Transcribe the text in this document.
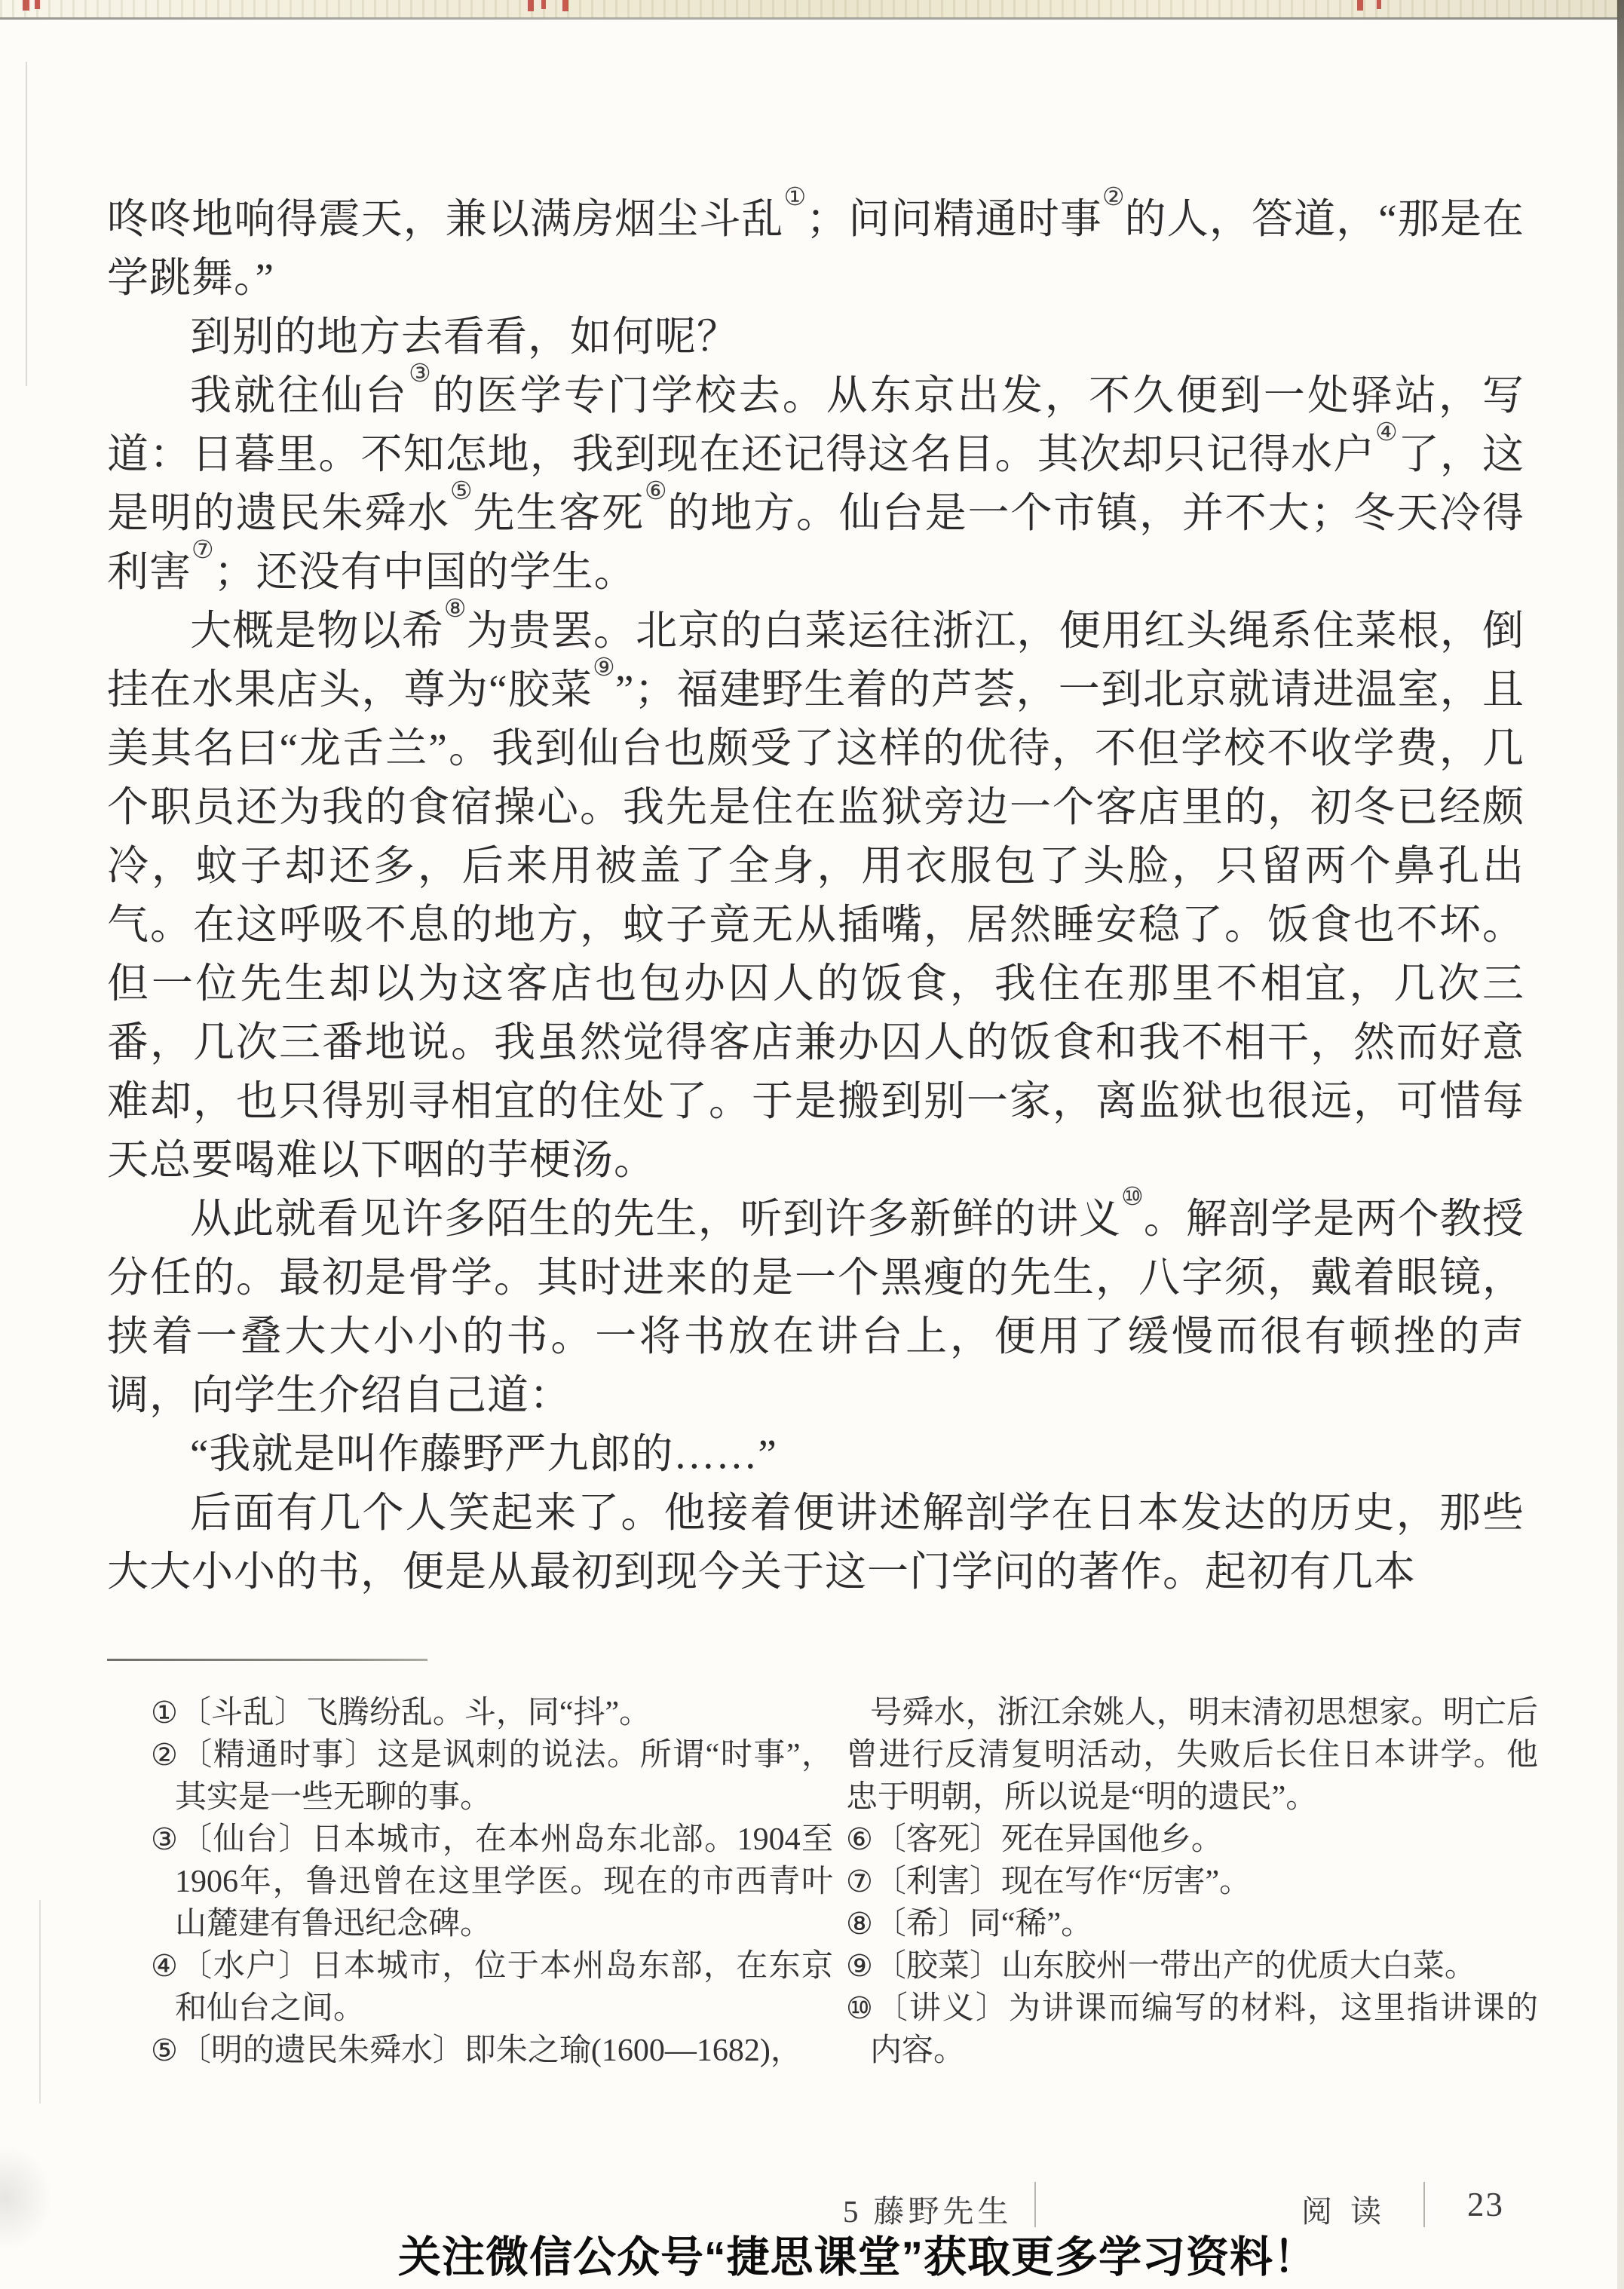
咚咚地响得震天，兼以满房烟尘斗乱①；问问精通时事②的人，答道，“那是在学跳舞。”

到别的地方去看看，如何呢？

我就往仙台③的医学专门学校去。从东京出发，不久便到一处驿站，写道：日暮里。不知怎地，我到现在还记得这名目。其次却只记得水户④了，这是明的遗民朱舜水⑤先生客死⑥的地方。仙台是一个市镇，并不大；冬天冷得利害⑦；还没有中国的学生。

大概是物以希⑧为贵罢。北京的白菜运往浙江，便用红头绳系住菜根，倒挂在水果店头，尊为“胶菜⑨”；福建野生着的芦荟，一到北京就请进温室，且美其名曰“龙舌兰”。我到仙台也颇受了这样的优待，不但学校不收学费，几个职员还为我的食宿操心。我先是住在监狱旁边一个客店里的，初冬已经颇冷，蚊子却还多，后来用被盖了全身，用衣服包了头脸，只留两个鼻孔出气。在这呼吸不息的地方，蚊子竟无从插嘴，居然睡安稳了。饭食也不坏。但一位先生却以为这客店也包办囚人的饭食，我住在那里不相宜，几次三番，几次三番地说。我虽然觉得客店兼办囚人的饭食和我不相干，然而好意难却，也只得别寻相宜的住处了。于是搬到别一家，离监狱也很远，可惜每天总要喝难以下咽的芋梗汤。

从此就看见许多陌生的先生，听到许多新鲜的讲义⑩。解剖学是两个教授分任的。最初是骨学。其时进来的是一个黑瘦的先生，八字须，戴着眼镜，挟着一叠大大小小的书。一将书放在讲台上，便用了缓慢而很有顿挫的声调，向学生介绍自己道：

“我就是叫作藤野严九郎的……”

后面有几个人笑起来了。他接着便讲述解剖学在日本发达的历史，那些大大小小的书，便是从最初到现今关于这一门学问的著作。起初有几本

①〔斗乱〕飞腾纷乱。斗，同“抖”。
②〔精通时事〕这是讽刺的说法。所谓“时事”，其实是一些无聊的事。
③〔仙台〕日本城市，在本州岛东北部。1904至1906年，鲁迅曾在这里学医。现在的市西青叶山麓建有鲁迅纪念碑。
④〔水户〕日本城市，位于本州岛东部，在东京和仙台之间。
⑤〔明的遗民朱舜水〕即朱之瑜(1600—1682)，
号舜水，浙江余姚人，明末清初思想家。明亡后曾进行反清复明活动，失败后长住日本讲学。他忠于明朝，所以说是“明的遗民”。
⑥〔客死〕死在异国他乡。
⑦〔利害〕现在写作“厉害”。
⑧〔希〕同“稀”。
⑨〔胶菜〕山东胶州一带出产的优质大白菜。
⑩〔讲义〕为讲课而编写的材料，这里指讲课的内容。
5 藤野先生	阅读 23
关注微信公众号“捷思课堂”获取更多学习资料！
